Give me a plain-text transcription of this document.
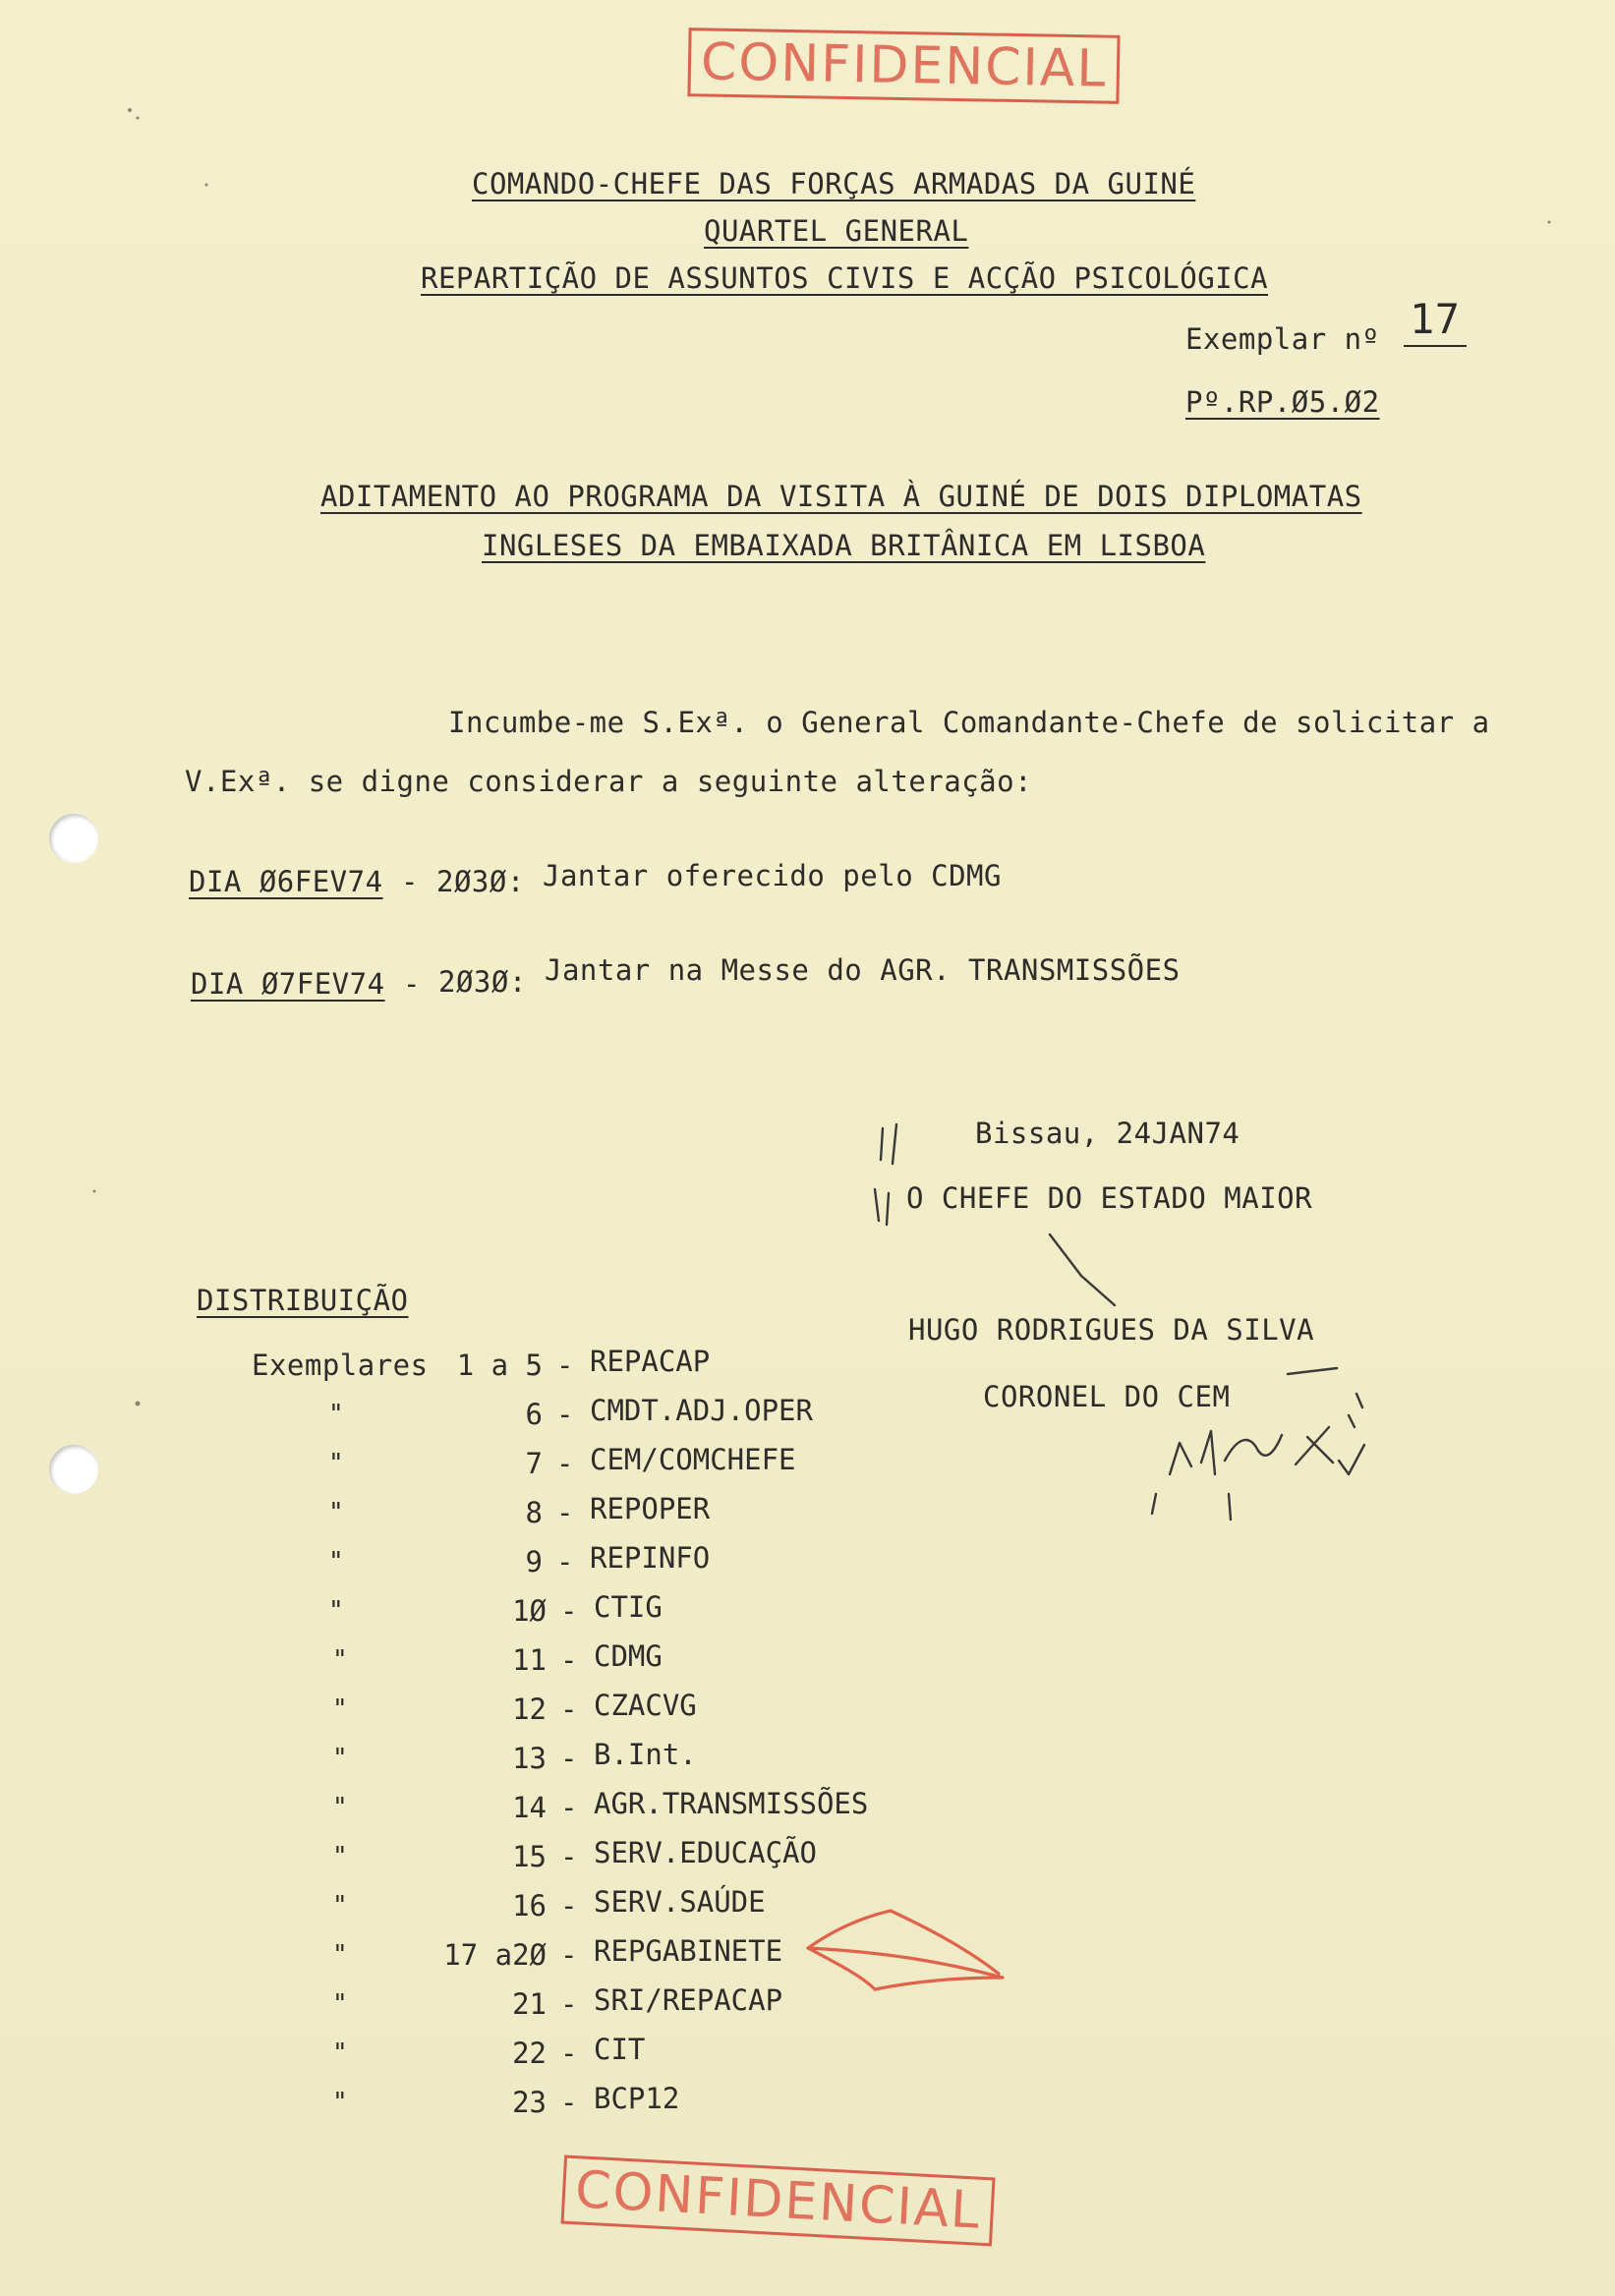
CONFIDENCIAL
COMANDO-CHEFE DAS FORÇAS ARMADAS DA GUINÉ
QUARTEL GENERAL
REPARTIÇÃO DE ASSUNTOS CIVIS E ACÇÃO PSICOLÓGICA
Exemplar nº 17
Pº.RP.Ø5.Ø2
ADITAMENTO AO PROGRAMA DA VISITA À GUINÉ DE DOIS DIPLOMATAS
INGLESES DA EMBAIXADA BRITÂNICA EM LISBOA
Incumbe-me S.Exª. o General Comandante-Chefe de solicitar a
V.Exª. se digne considerar a seguinte alteração:
DIA Ø6FEV74 - 2Ø3Ø: Jantar oferecido pelo CDMG
DIA Ø7FEV74 - 2Ø3Ø: Jantar na Messe do AGR. TRANSMISSÕES
Bissau, 24JAN74
O CHEFE DO ESTADO MAIOR
HUGO RODRIGUES DA SILVA
CORONEL DO CEM
DISTRIBUIÇÃO
Exemplares	1 a 5 - REPACAP
"	6 - CMDT.ADJ.OPER
"	7 - CEM/COMCHEFE
"	8 - REPOPER
"	9 - REPINFO
"	1Ø - CTIG
"	11 - CDMG
"	12 - CZACVG
"	13 - B.Int.
"	14 - AGR.TRANSMISSÕES
"	15 - SERV.EDUCAÇÃO
"	16 - SERV.SAÚDE
"	17 a2Ø - REPGABINETE
"	21 - SRI/REPACAP
"	22 - CIT
"	23 - BCP12
CONFIDENCIAL
